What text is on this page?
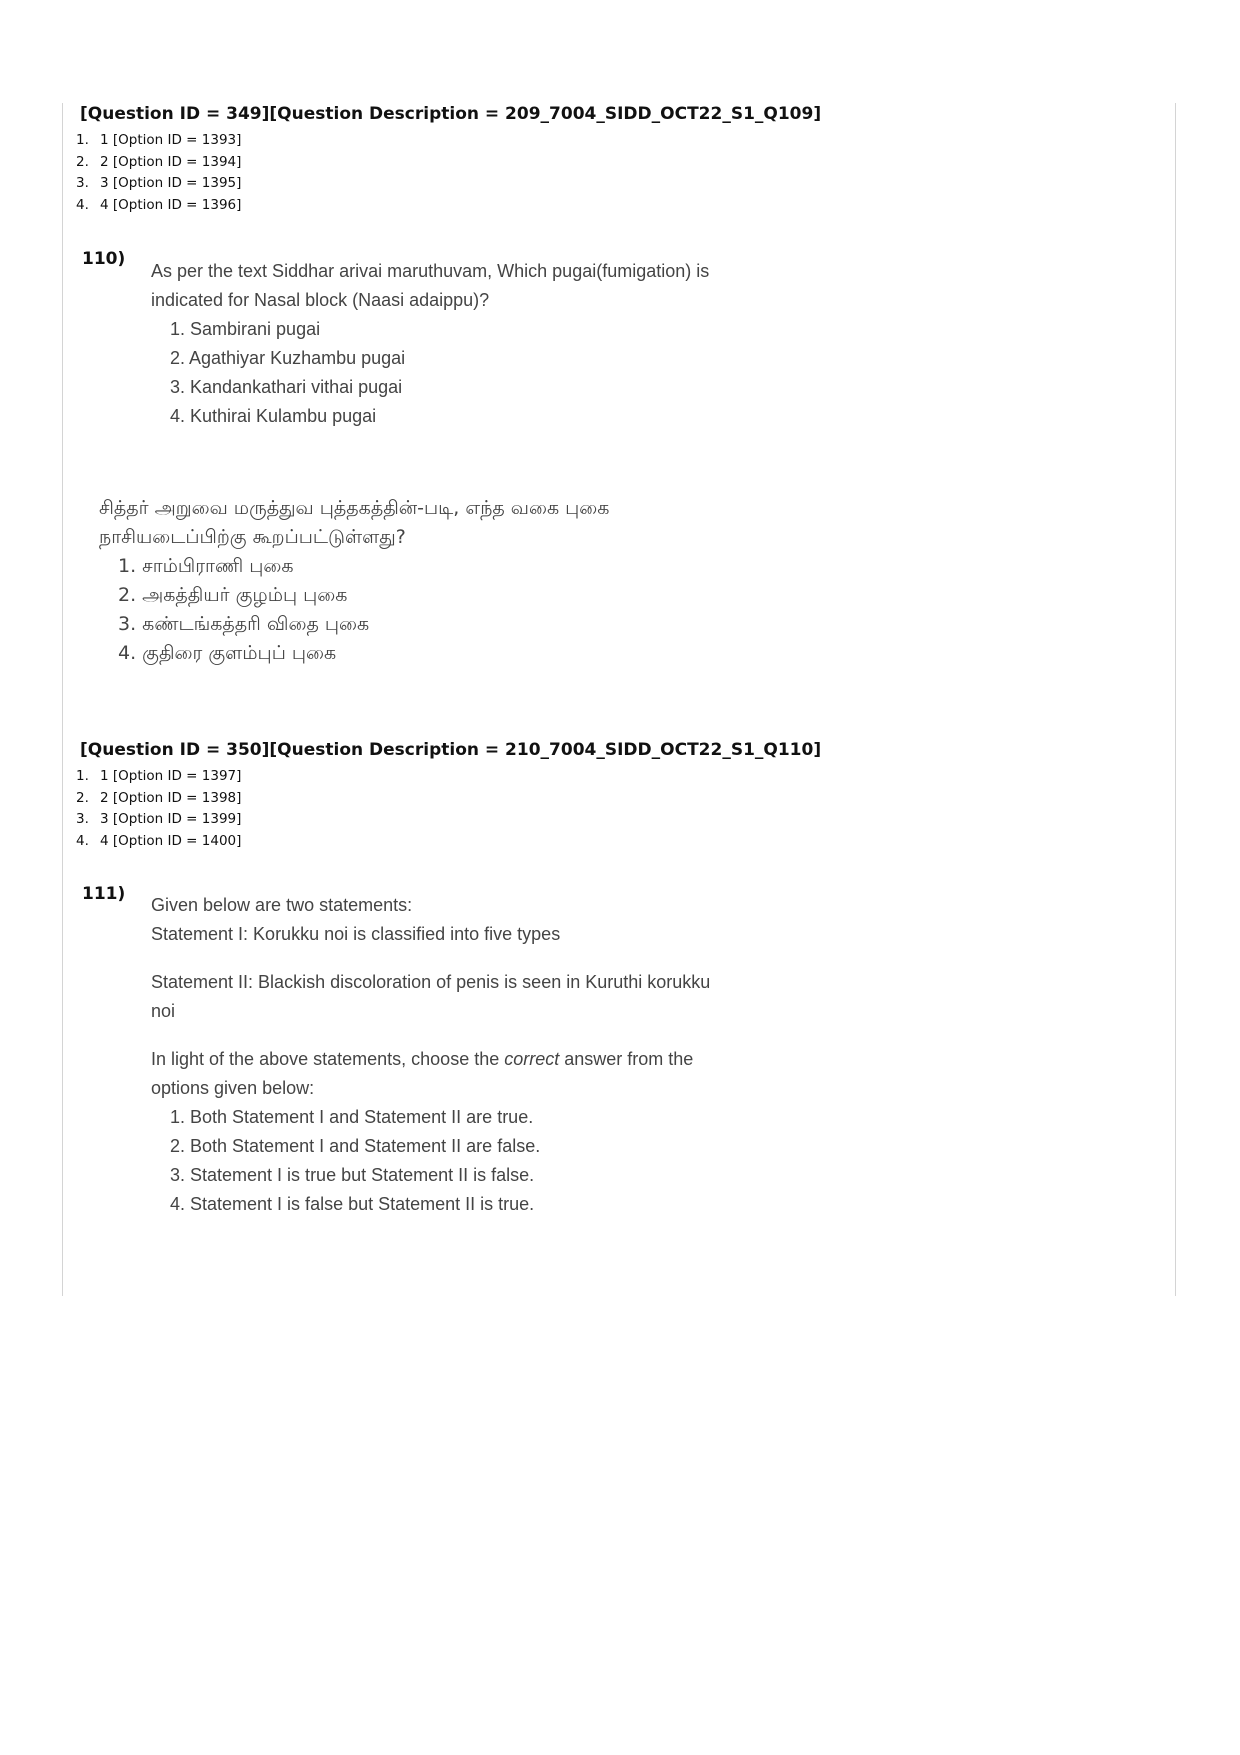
[Question ID = 349][Question Description = 209_7004_SIDD_OCT22_S1_Q109]
1. 1 [Option ID = 1393]
2. 2 [Option ID = 1394]
3. 3 [Option ID = 1395]
4. 4 [Option ID = 1396]
110)

As per the text Siddhar arivai maruthuvam, Which pugai(fumigation) is

indicated for Nasal block (Naasi adaippu)?

1. Sambirani pugai
2. Agathiyar Kuzhambu pugai
3. Kandankathari vithai pugai
4. Kuthirai Kulambu pugai

சித்தர் அறுவை மருத்துவ புத்தகத்தின்-படி, எந்த வகை புகை

நாசியடைப்பிற்கு கூறப்பட்டுள்ளது?

1. சாம்பிராணி புகை
2. அகத்தியர் குழம்பு புகை
3. கண்டங்கத்தரி விதை புகை
4. குதிரை குளம்புப் புகை
[Question ID = 350][Question Description = 210_7004_SIDD_OCT22_S1_Q110]
1. 1 [Option ID = 1397]
2. 2 [Option ID = 1398]
3. 3 [Option ID = 1399]
4. 4 [Option ID = 1400]
111)

Given below are two statements:

Statement I: Korukku noi is classified into five types

Statement II: Blackish discoloration of penis is seen in Kuruthi korukku

noi

In light of the above statements, choose the correct answer from the

options given below:

1. Both Statement I and Statement II are true.
2. Both Statement I and Statement II are false.
3. Statement I is true but Statement II is false.
4. Statement I is false but Statement II is true.
